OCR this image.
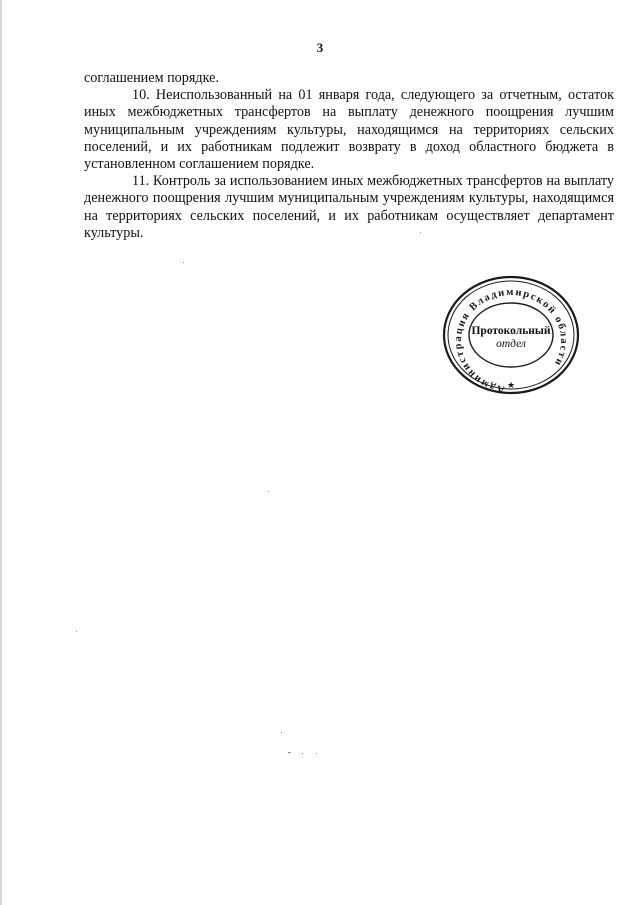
3

соглашением порядке.

10. Неиспользованный на 01 января года, следующего за отчетным, остаток иных межбюджетных трансфертов на выплату денежного поощрения лучшим муниципальным учреждениям культуры, находящимся на территориях сельских поселений, и их работникам подлежит возврату в доход областного бюджета в установленном соглашением порядке.

11. Контроль за использованием иных межбюджетных трансфертов на выплату денежного поощрения лучшим муниципальным учреждениям культуры, находящимся на территориях сельских поселений, и их работникам осуществляет департамент культуры.

Администрация Владимирской области
★
Протокольный
отдел
